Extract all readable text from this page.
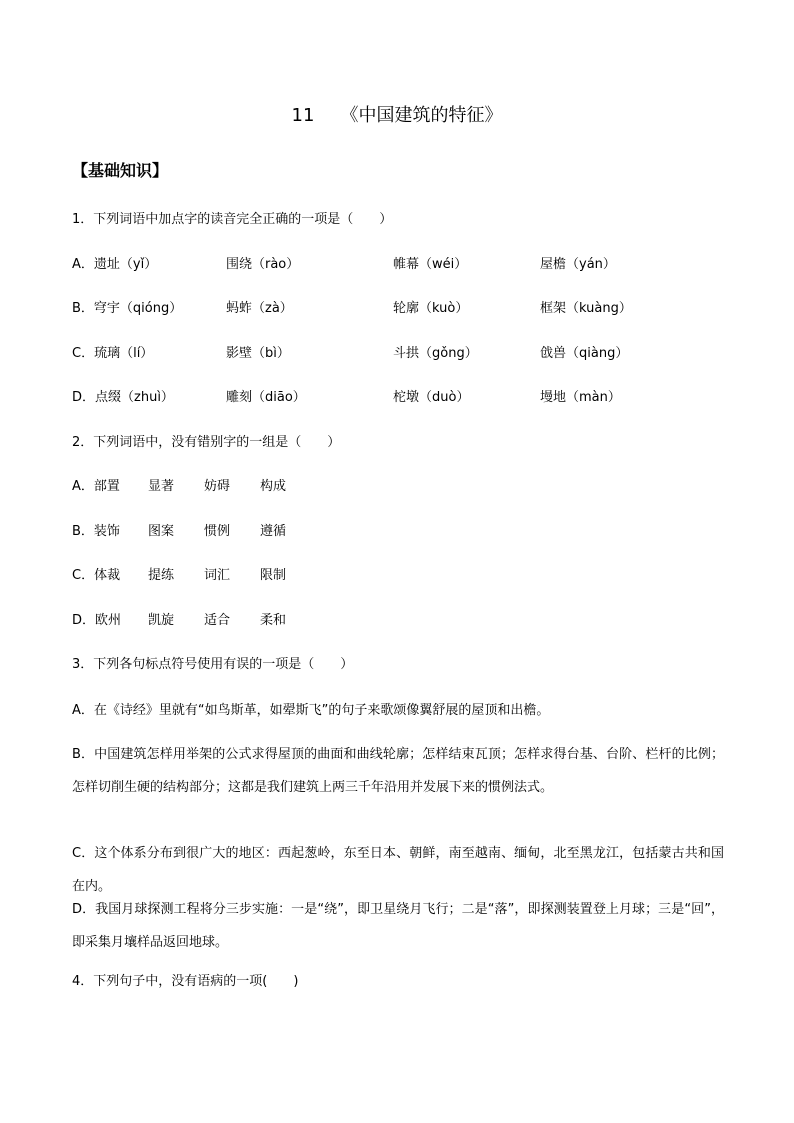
11 《中国建筑的特征》
【基础知识】
1．下列词语中加点字的读音完全正确的一项是（　　）
A．遗址（yǐ）	围绕（rào）	帷幕（wéi）	屋檐（yán）
B．穹宇（qióng）	蚂蚱（zà）	轮廓（kuò）	框架（kuàng）
C．琉璃（lí）	影壁（bì）	斗拱（gǒng）	戗兽（qiàng）
D．点缀（zhuì）	雕刻（diāo）	柁墩（duò）	墁地（màn）
2．下列词语中，没有错别字的一组是（　　）
A．部置 显著 妨碍 构成
B．装饰 图案 惯例 遵循
C．体裁 提练 词汇 限制
D．欧州 凯旋 适合 柔和
3．下列各句标点符号使用有误的一项是（　　）
A．在《诗经》里就有“如鸟斯革，如翚斯飞”的句子来歌颂像翼舒展的屋顶和出檐。
B．中国建筑怎样用举架的公式求得屋顶的曲面和曲线轮廓；怎样结束瓦顶；怎样求得台基、台阶、栏杆的比例；怎样切削生硬的结构部分；这都是我们建筑上两三千年沿用并发展下来的惯例法式。
C．这个体系分布到很广大的地区：西起葱岭，东至日本、朝鲜，南至越南、缅甸，北至黑龙江，包括蒙古共和国在内。
D．我国月球探测工程将分三步实施：一是“绕”，即卫星绕月飞行；二是“落”，即探测装置登上月球；三是“回”，即采集月壤样品返回地球。
4．下列句子中，没有语病的一项(　　)
